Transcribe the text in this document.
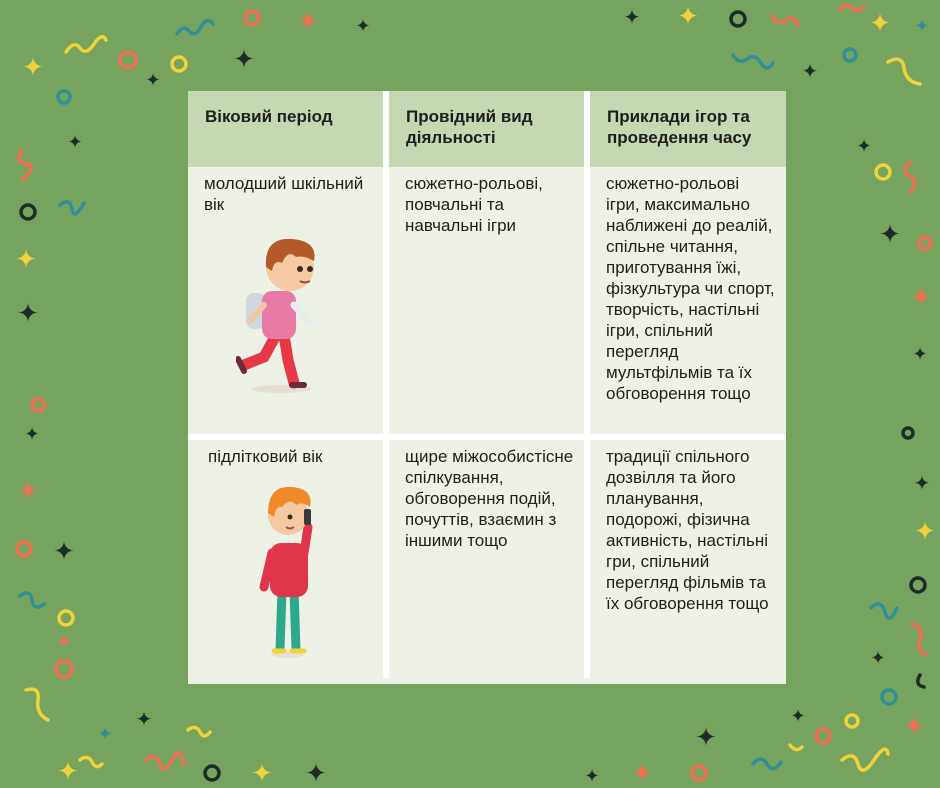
✦ ✦
✦
✦	✦
✦ ✦
✦
✦ ✦
✦
✦
✦
✦
✦
✦
✦
✦
✦
✦
✦
✦
✦
✦
✦
✦
✦	✦ ✦	✦ ✦
✦
✦	✦
Віковий період	Провідний вид діяльності	Приклади ігор та проведення часу

молодший шкільний вік	сюжетно-рольові, повчальні та навчальні ігри	сюжетно-рольові ігри, максимально наближені до реалій, спільне читання, приготування їжі, фізкультура чи спорт, творчість, настільні ігри, спільний перегляд мультфільмів та їх обговорення тощо

підлітковий вік	щире міжособистісне спілкування, обговорення подій, почуттів, взаємин з іншими тощо	традиції спільного дозвілля та його планування, подорожі, фізична активність, настільні гри, спільний перегляд фільмів та їх обговорення тощо
